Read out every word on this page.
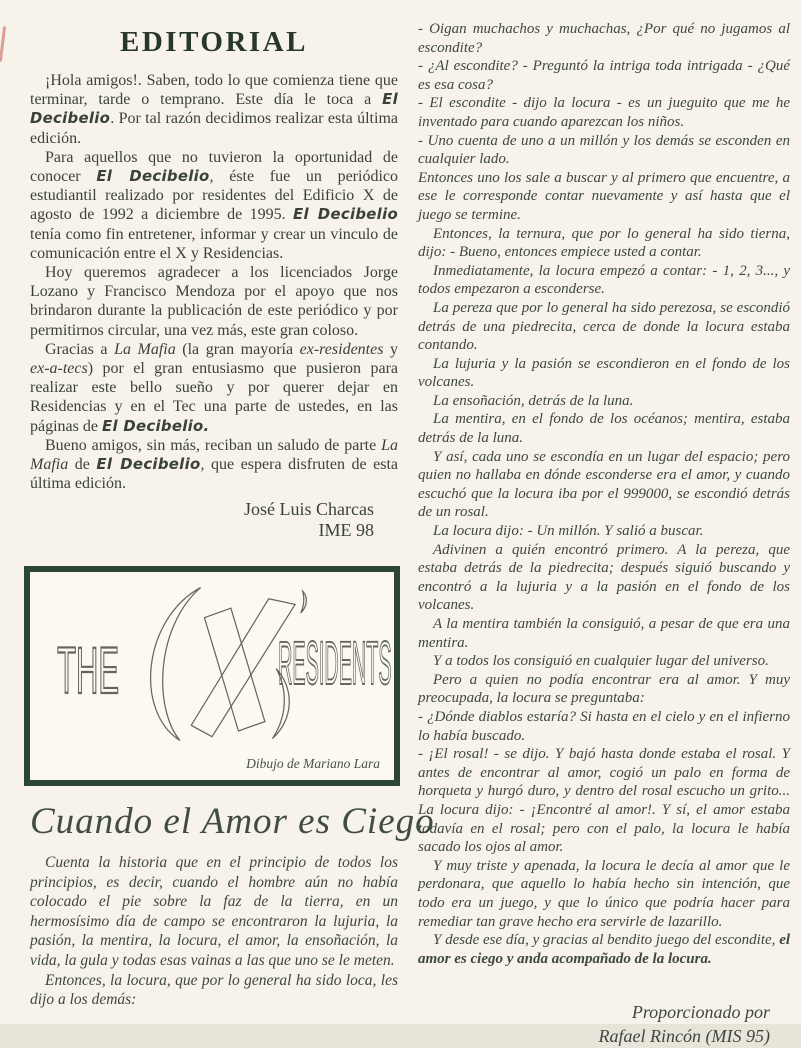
EDITORIAL

¡Hola amigos!. Saben, todo lo que comienza tiene que terminar, tarde o temprano. Este día le toca a El Decibelio. Por tal razón decidimos realizar esta última edición.

Para aquellos que no tuvieron la oportunidad de conocer El Decibelio, éste fue un periódico estudiantil realizado por residentes del Edificio X de agosto de 1992 a diciembre de 1995. El Decibelio tenía como fin entretener, informar y crear un vinculo de comunicación entre el X y Residencias.

Hoy queremos agradecer a los licenciados Jorge Lozano y Francisco Mendoza por el apoyo que nos brindaron durante la publicación de este periódico y por permitirnos circular, una vez más, este gran coloso.

Gracias a La Mafia (la gran mayoría ex-residentes y ex-a-tecs) por el gran entusiasmo que pusieron para realizar este bello sueño y por querer dejar en Residencias y en el Tec una parte de ustedes, en las páginas de El Decibelio.

Bueno amigos, sin más, reciban un saludo de parte La Mafia de El Decibelio, que espera disfruten de esta última edición.

José Luis Charcas
IME 98
THE	RESIDENTS
Dibujo de Mariano Lara
Cuando el Amor es Ciego

Cuenta la historia que en el principio de todos los principios, es decir, cuando el hombre aún no había colocado el pie sobre la faz de la tierra, en un hermosísimo día de campo se encontraron la lujuria, la pasión, la mentira, la locura, el amor, la ensoñación, la vida, la gula y todas esas vainas a las que uno se le meten.

Entonces, la locura, que por lo general ha sido loca, les dijo a los demás:

- Oigan muchachos y muchachas, ¿Por qué no jugamos al escondite?

- ¿Al escondite? - Preguntó la intriga toda intrigada - ¿Qué es esa cosa?

- El escondite - dijo la locura - es un jueguito que me he inventado para cuando aparezcan los niños.

- Uno cuenta de uno a un millón y los demás se esconden en cualquier lado.

Entonces uno los sale a buscar y al primero que encuentre, a ese le corresponde contar nuevamente y así hasta que el juego se termine.

Entonces, la ternura, que por lo general ha sido tierna, dijo: - Bueno, entonces empiece usted a contar.

Inmediatamente, la locura empezó a contar: - 1, 2, 3..., y todos empezaron a esconderse.

La pereza que por lo general ha sido perezosa, se escondió detrás de una piedrecita, cerca de donde la locura estaba contando.

La lujuria y la pasión se escondieron en el fondo de los volcanes.

La ensoñación, detrás de la luna.

La mentira, en el fondo de los océanos; mentira, estaba detrás de la luna.

Y así, cada uno se escondía en un lugar del espacio; pero quien no hallaba en dónde esconderse era el amor, y cuando escuchó que la locura iba por el 999000, se escondió detrás de un rosal.

La locura dijo: - Un millón. Y salió a buscar.

Adivinen a quién encontró primero. A la pereza, que estaba detrás de la piedrecita; después siguió buscando y encontró a la lujuria y a la pasión en el fondo de los volcanes.

A la mentira también la consiguió, a pesar de que era una mentira.

Y a todos los consiguió en cualquier lugar del universo.

Pero a quien no podía encontrar era al amor. Y muy preocupada, la locura se preguntaba:

- ¿Dónde diablos estaría? Si hasta en el cielo y en el infierno lo había buscado.

- ¡El rosal! - se dijo. Y bajó hasta donde estaba el rosal. Y antes de encontrar al amor, cogió un palo en forma de horqueta y hurgó duro, y dentro del rosal escucho un grito... La locura dijo: - ¡Encontré al amor!. Y sí, el amor estaba todavía en el rosal; pero con el palo, la locura le había sacado los ojos al amor.

Y muy triste y apenada, la locura le decía al amor que le perdonara, que aquello lo había hecho sin intención, que todo era un juego, y que lo único que podría hacer para remediar tan grave hecho era servirle de lazarillo.

Y desde ese día, y gracias al bendito juego del escondite, el amor es ciego y anda acompañado de la locura.

Proporcionado por
Rafael Rincón (MIS 95)
